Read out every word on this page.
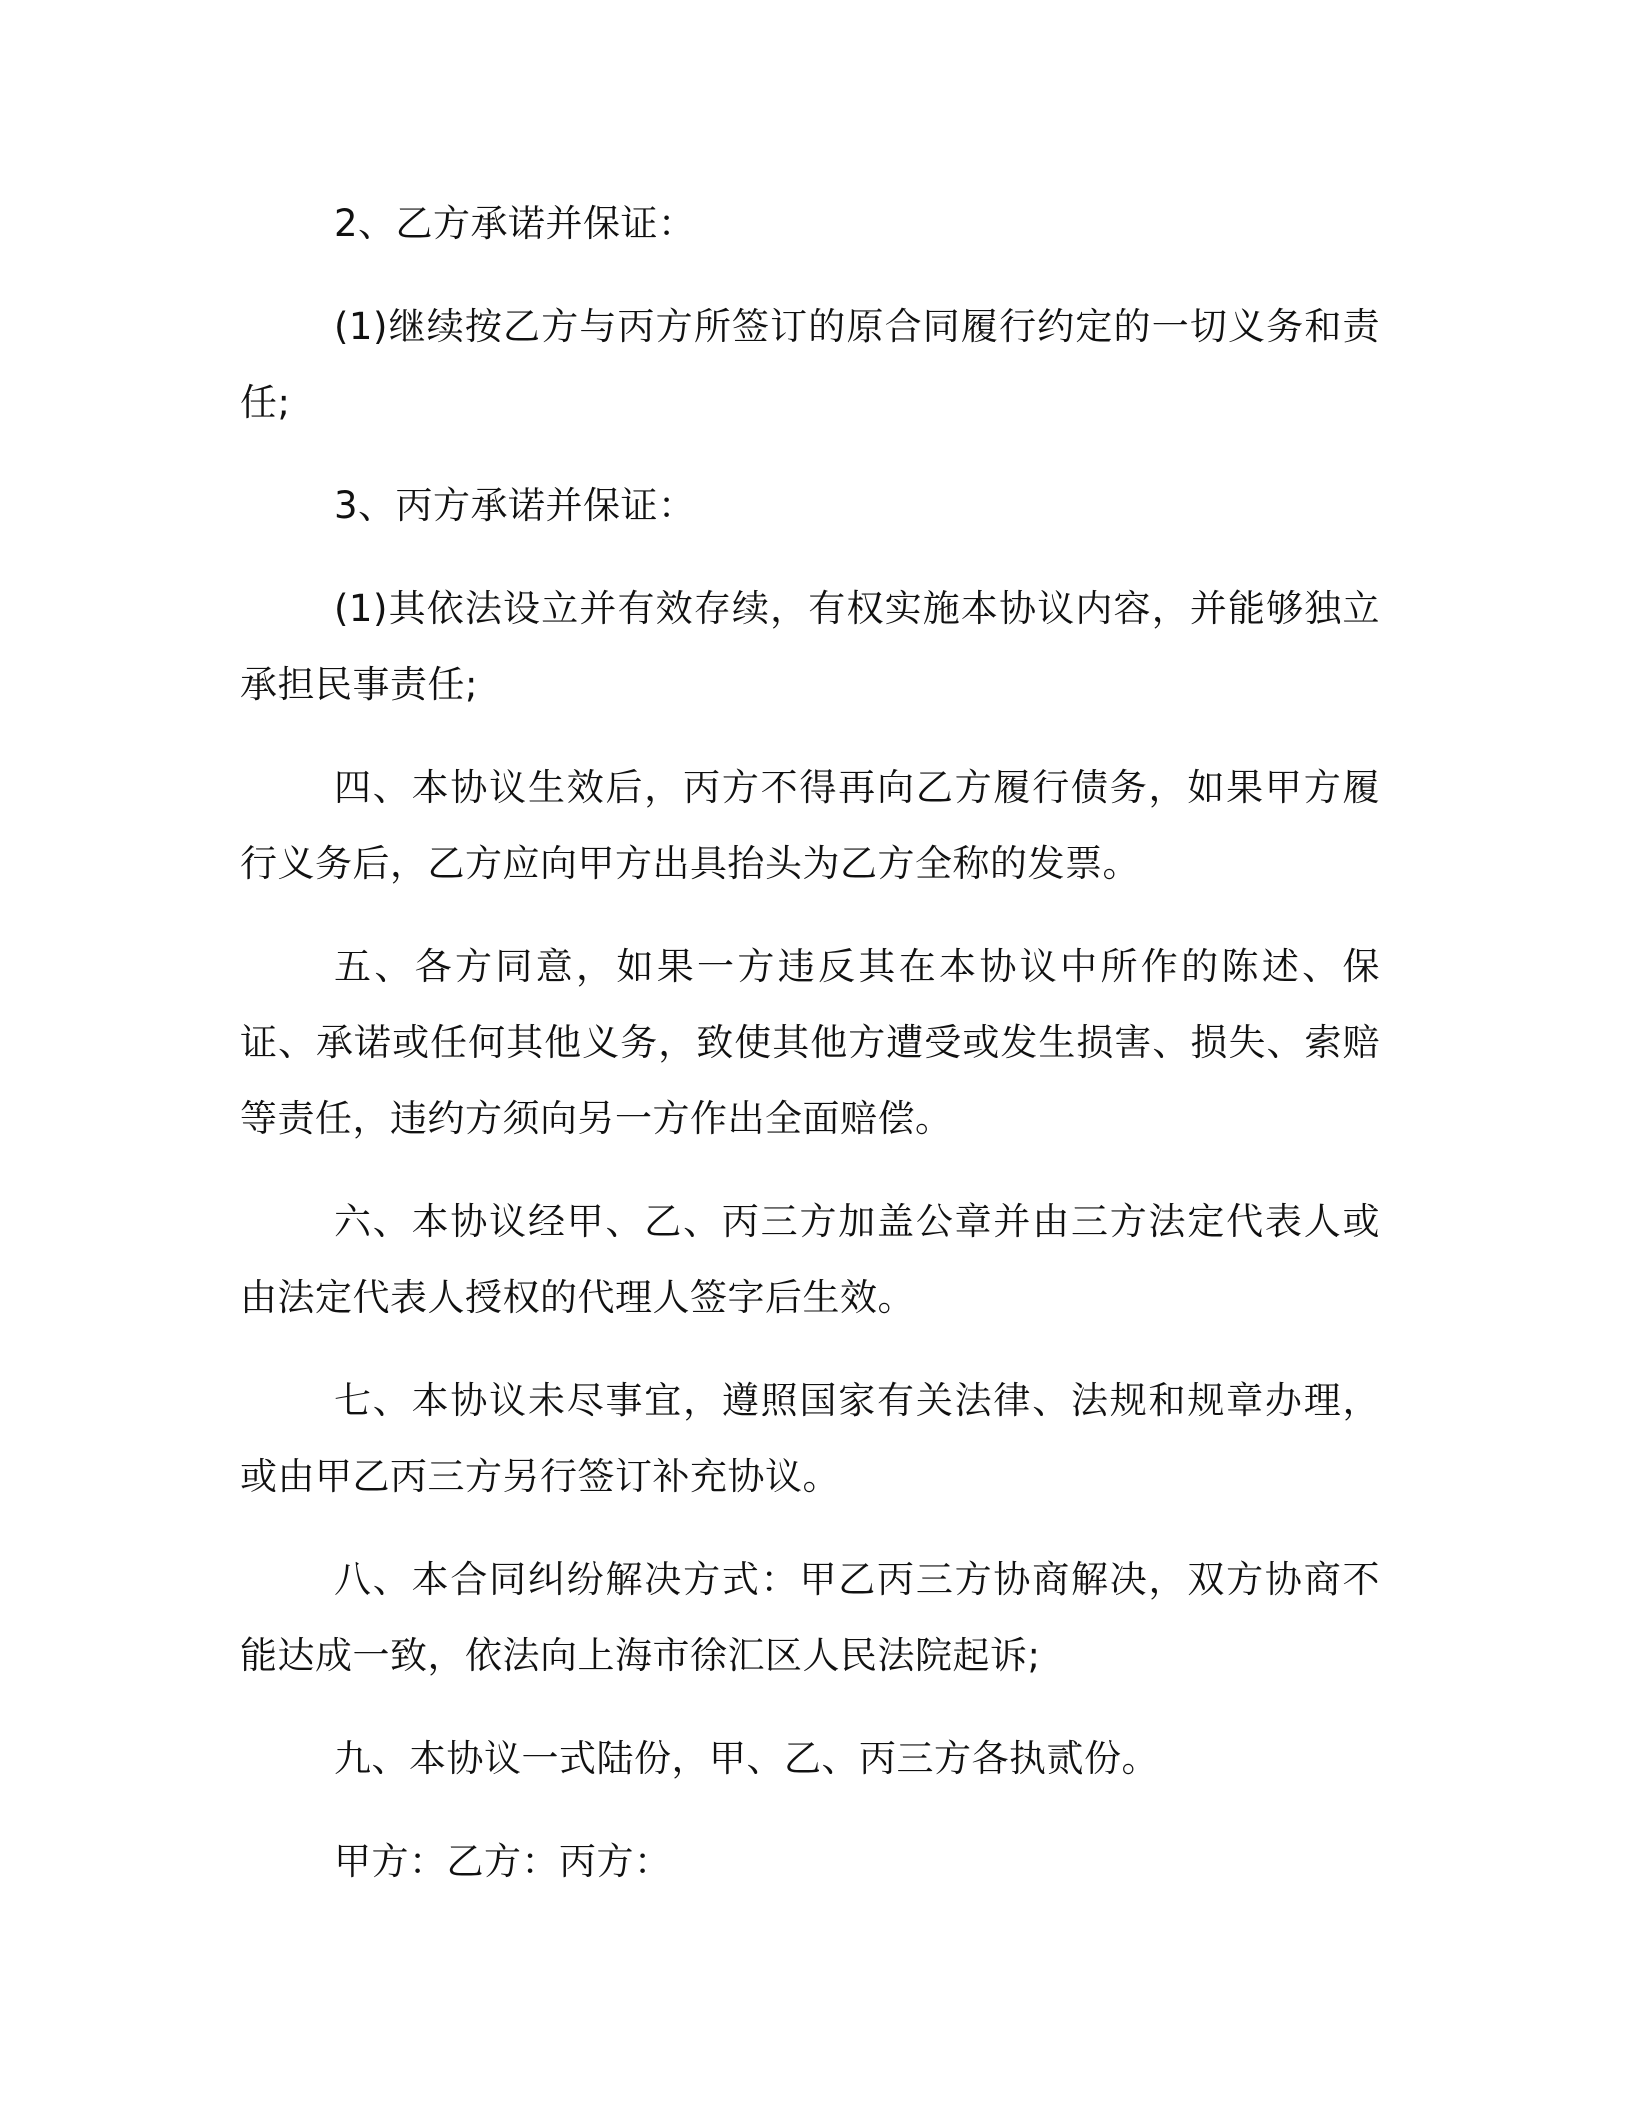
2、乙方承诺并保证：

(1)继续按乙方与丙方所签订的原合同履行约定的一切义务和责任;

3、丙方承诺并保证：

(1)其依法设立并有效存续，有权实施本协议内容，并能够独立承担民事责任;

四、本协议生效后，丙方不得再向乙方履行债务，如果甲方履行义务后，乙方应向甲方出具抬头为乙方全称的发票。

五、各方同意，如果一方违反其在本协议中所作的陈述、保证、承诺或任何其他义务，致使其他方遭受或发生损害、损失、索赔等责任，违约方须向另一方作出全面赔偿。

六、本协议经甲、乙、丙三方加盖公章并由三方法定代表人或由法定代表人授权的代理人签字后生效。

七、本协议未尽事宜，遵照国家有关法律、法规和规章办理，或由甲乙丙三方另行签订补充协议。

八、本合同纠纷解决方式：甲乙丙三方协商解决，双方协商不能达成一致，依法向上海市徐汇区人民法院起诉;

九、本协议一式陆份，甲、乙、丙三方各执贰份。

甲方：乙方：丙方：
